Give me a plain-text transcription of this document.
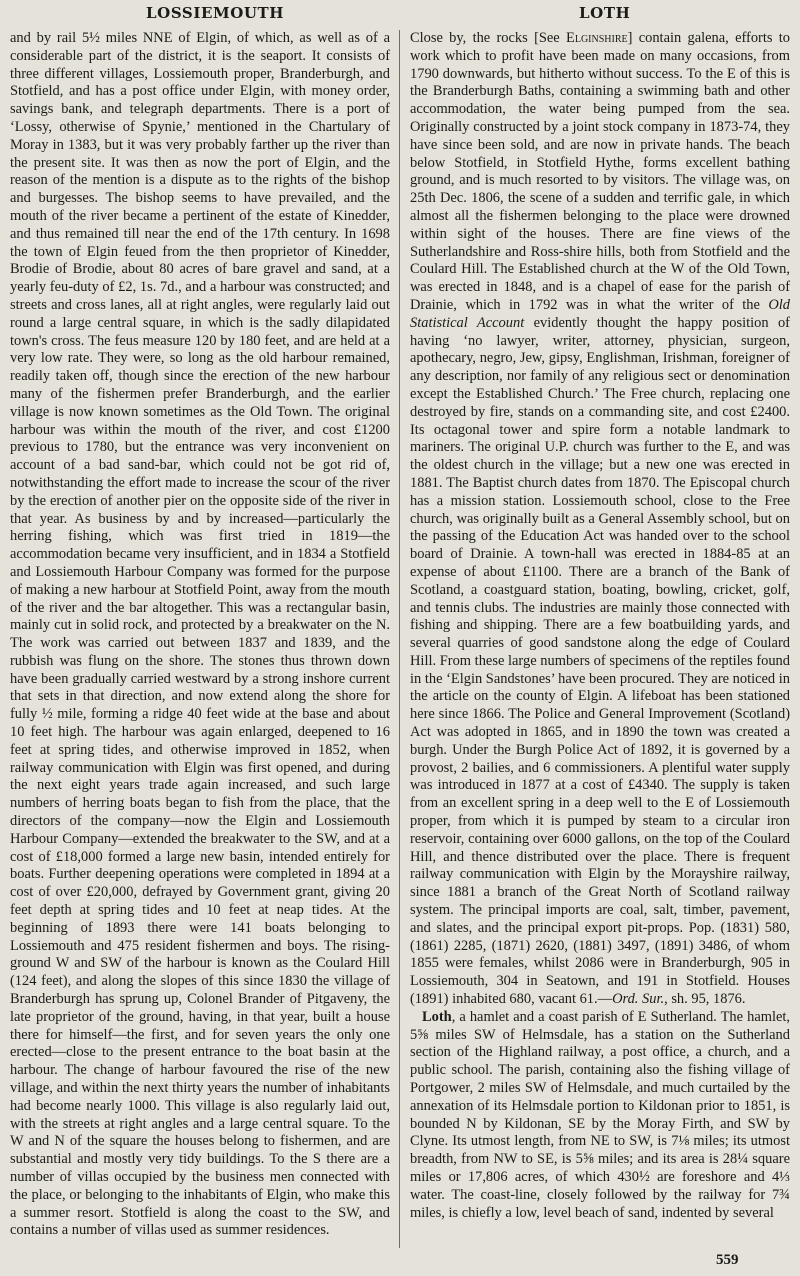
LOSSIEMOUTH	LOTH

and by rail 5½ miles NNE of Elgin, of which, as well as of a considerable part of the district, it is the seaport. It consists of three different villages, Lossiemouth proper, Branderburgh, and Stotfield, and has a post office under Elgin, with money order, savings bank, and telegraph departments. There is a port of ‘Lossy, otherwise of Spynie,’ mentioned in the Chartulary of Moray in 1383, but it was very probably farther up the river than the present site. It was then as now the port of Elgin, and the reason of the mention is a dispute as to the rights of the bishop and burgesses. The bishop seems to have prevailed, and the mouth of the river became a pertinent of the estate of Kinedder, and thus remained till near the end of the 17th century. In 1698 the town of Elgin feued from the then proprietor of Kinedder, Brodie of Brodie, about 80 acres of bare gravel and sand, at a yearly feu-duty of £2, 1s. 7d., and a harbour was constructed; and streets and cross lanes, all at right angles, were regularly laid out round a large central square, in which is the sadly dilapidated town's cross. The feus measure 120 by 180 feet, and are held at a very low rate. They were, so long as the old harbour remained, readily taken off, though since the erection of the new harbour many of the fishermen prefer Branderburgh, and the earlier village is now known sometimes as the Old Town. The original harbour was within the mouth of the river, and cost £1200 previous to 1780, but the entrance was very inconvenient on account of a bad sand-bar, which could not be got rid of, notwithstanding the effort made to increase the scour of the river by the erection of another pier on the opposite side of the river in that year. As business by and by increased—particularly the herring fishing, which was first tried in 1819—the accommodation became very insufficient, and in 1834 a Stotfield and Lossiemouth Harbour Company was formed for the purpose of making a new harbour at Stotfield Point, away from the mouth of the river and the bar altogether. This was a rectangular basin, mainly cut in solid rock, and protected by a breakwater on the N. The work was carried out between 1837 and 1839, and the rubbish was flung on the shore. The stones thus thrown down have been gradually carried westward by a strong inshore current that sets in that direction, and now extend along the shore for fully ½ mile, forming a ridge 40 feet wide at the base and about 10 feet high. The harbour was again enlarged, deepened to 16 feet at spring tides, and otherwise improved in 1852, when railway communication with Elgin was first opened, and during the next eight years trade again increased, and such large numbers of herring boats began to fish from the place, that the directors of the company—now the Elgin and Lossiemouth Harbour Company—extended the breakwater to the SW, and at a cost of £18,000 formed a large new basin, intended entirely for boats. Further deepening operations were completed in 1894 at a cost of over £20,000, defrayed by Government grant, giving 20 feet depth at spring tides and 10 feet at neap tides. At the beginning of 1893 there were 141 boats belonging to Lossiemouth and 475 resident fishermen and boys. The rising-ground W and SW of the harbour is known as the Coulard Hill (124 feet), and along the slopes of this since 1830 the village of Branderburgh has sprung up, Colonel Brander of Pitgaveny, the late proprietor of the ground, having, in that year, built a house there for himself—the first, and for seven years the only one erected—close to the present entrance to the boat basin at the harbour. The change of harbour favoured the rise of the new village, and within the next thirty years the number of inhabitants had become nearly 1000. This village is also regularly laid out, with the streets at right angles and a large central square. To the W and N of the square the houses belong to fishermen, and are substantial and mostly very tidy buildings. To the S there are a number of villas occupied by the business men connected with the place, or belonging to the inhabitants of Elgin, who make this a summer resort. Stotfield is along the coast to the SW, and contains a number of villas used as summer residences.

Close by, the rocks [See Elginshire] contain galena, efforts to work which to profit have been made on many occasions, from 1790 downwards, but hitherto without success. To the E of this is the Branderburgh Baths, containing a swimming bath and other accommodation, the water being pumped from the sea. Originally constructed by a joint stock company in 1873-74, they have since been sold, and are now in private hands. The beach below Stotfield, in Stotfield Hythe, forms excellent bathing ground, and is much resorted to by visitors. The village was, on 25th Dec. 1806, the scene of a sudden and terrific gale, in which almost all the fishermen belonging to the place were drowned within sight of the houses. There are fine views of the Sutherlandshire and Ross-shire hills, both from Stotfield and the Coulard Hill. The Established church at the W of the Old Town, was erected in 1848, and is a chapel of ease for the parish of Drainie, which in 1792 was in what the writer of the Old Statistical Account evidently thought the happy position of having ‘no lawyer, writer, attorney, physician, surgeon, apothecary, negro, Jew, gipsy, Englishman, Irishman, foreigner of any description, nor family of any religious sect or denomination except the Established Church.’ The Free church, replacing one destroyed by fire, stands on a commanding site, and cost £2400. Its octagonal tower and spire form a notable landmark to mariners. The original U.P. church was further to the E, and was the oldest church in the village; but a new one was erected in 1881. The Baptist church dates from 1870. The Episcopal church has a mission station. Lossiemouth school, close to the Free church, was originally built as a General Assembly school, but on the passing of the Education Act was handed over to the school board of Drainie. A town-hall was erected in 1884-85 at an expense of about £1100. There are a branch of the Bank of Scotland, a coastguard station, boating, bowling, cricket, golf, and tennis clubs. The industries are mainly those connected with fishing and shipping. There are a few boatbuilding yards, and several quarries of good sandstone along the edge of Coulard Hill. From these large numbers of specimens of the reptiles found in the ‘Elgin Sandstones’ have been procured. They are noticed in the article on the county of Elgin. A lifeboat has been stationed here since 1866. The Police and General Improvement (Scotland) Act was adopted in 1865, and in 1890 the town was created a burgh. Under the Burgh Police Act of 1892, it is governed by a provost, 2 bailies, and 6 commissioners. A plentiful water supply was introduced in 1877 at a cost of £4340. The supply is taken from an excellent spring in a deep well to the E of Lossiemouth proper, from which it is pumped by steam to a circular iron reservoir, containing over 6000 gallons, on the top of the Coulard Hill, and thence distributed over the place. There is frequent railway communication with Elgin by the Morayshire railway, since 1881 a branch of the Great North of Scotland railway system. The principal imports are coal, salt, timber, pavement, and slates, and the principal export pit-props. Pop. (1831) 580, (1861) 2285, (1871) 2620, (1881) 3497, (1891) 3486, of whom 1855 were females, whilst 2086 were in Branderburgh, 905 in Lossiemouth, 304 in Seatown, and 191 in Stotfield. Houses (1891) inhabited 680, vacant 61.—Ord. Sur., sh. 95, 1876.

Loth, a hamlet and a coast parish of E Sutherland. The hamlet, 5⅝ miles SW of Helmsdale, has a station on the Sutherland section of the Highland railway, a post office, a church, and a public school. The parish, containing also the fishing village of Portgower, 2 miles SW of Helmsdale, and much curtailed by the annexation of its Helmsdale portion to Kildonan prior to 1851, is bounded N by Kildonan, SE by the Moray Firth, and SW by Clyne. Its utmost length, from NE to SW, is 7⅛ miles; its utmost breadth, from NW to SE, is 5⅝ miles; and its area is 28¼ square miles or 17,806 acres, of which 430½ are foreshore and 4⅓ water. The coast-line, closely followed by the railway for 7¾ miles, is chiefly a low, level beach of sand, indented by several

559
